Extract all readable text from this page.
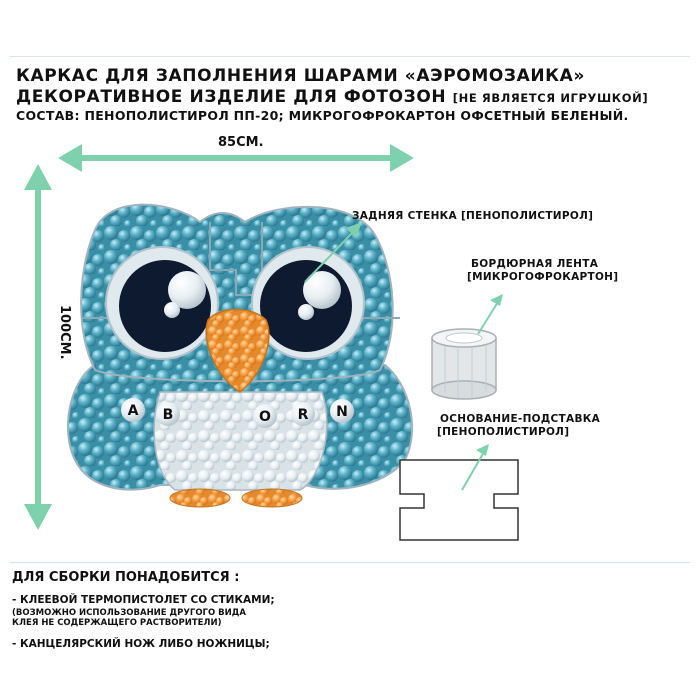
КАРКАС ДЛЯ ЗАПОЛНЕНИЯ ШАРАМИ «АЭРОМОЗАИКА»
ДЕКОРАТИВНОЕ ИЗДЕЛИЕ ДЛЯ ФОТОЗОН [НЕ ЯВЛЯЕТСЯ ИГРУШКОЙ]
СОСТАВ: ПЕНОПОЛИСТИРОЛ ПП-20; МИКРОГОФРОКАРТОН ОФСЕТНЫЙ БЕЛЕНЫЙ.
A B	O R N
85СМ.
100СМ.
ЗАДНЯЯ СТЕНКА [ПЕНОПОЛИСТИРОЛ]
БОРДЮРНАЯ ЛЕНТА
[МИКРОГОФРОКАРТОН]
ОСНОВАНИЕ-ПОДСТАВКА
[ПЕНОПОЛИСТИРОЛ]
ДЛЯ СБОРКИ ПОНАДОБИТСЯ :
- КЛЕЕВОЙ ТЕРМОПИСТОЛЕТ СО СТИКАМИ;
(ВОЗМОЖНО ИСПОЛЬЗОВАНИЕ ДРУГОГО ВИДА
КЛЕЯ НЕ СОДЕРЖАЩЕГО РАСТВОРИТЕЛИ)
- КАНЦЕЛЯРСКИЙ НОЖ ЛИБО НОЖНИЦЫ;
